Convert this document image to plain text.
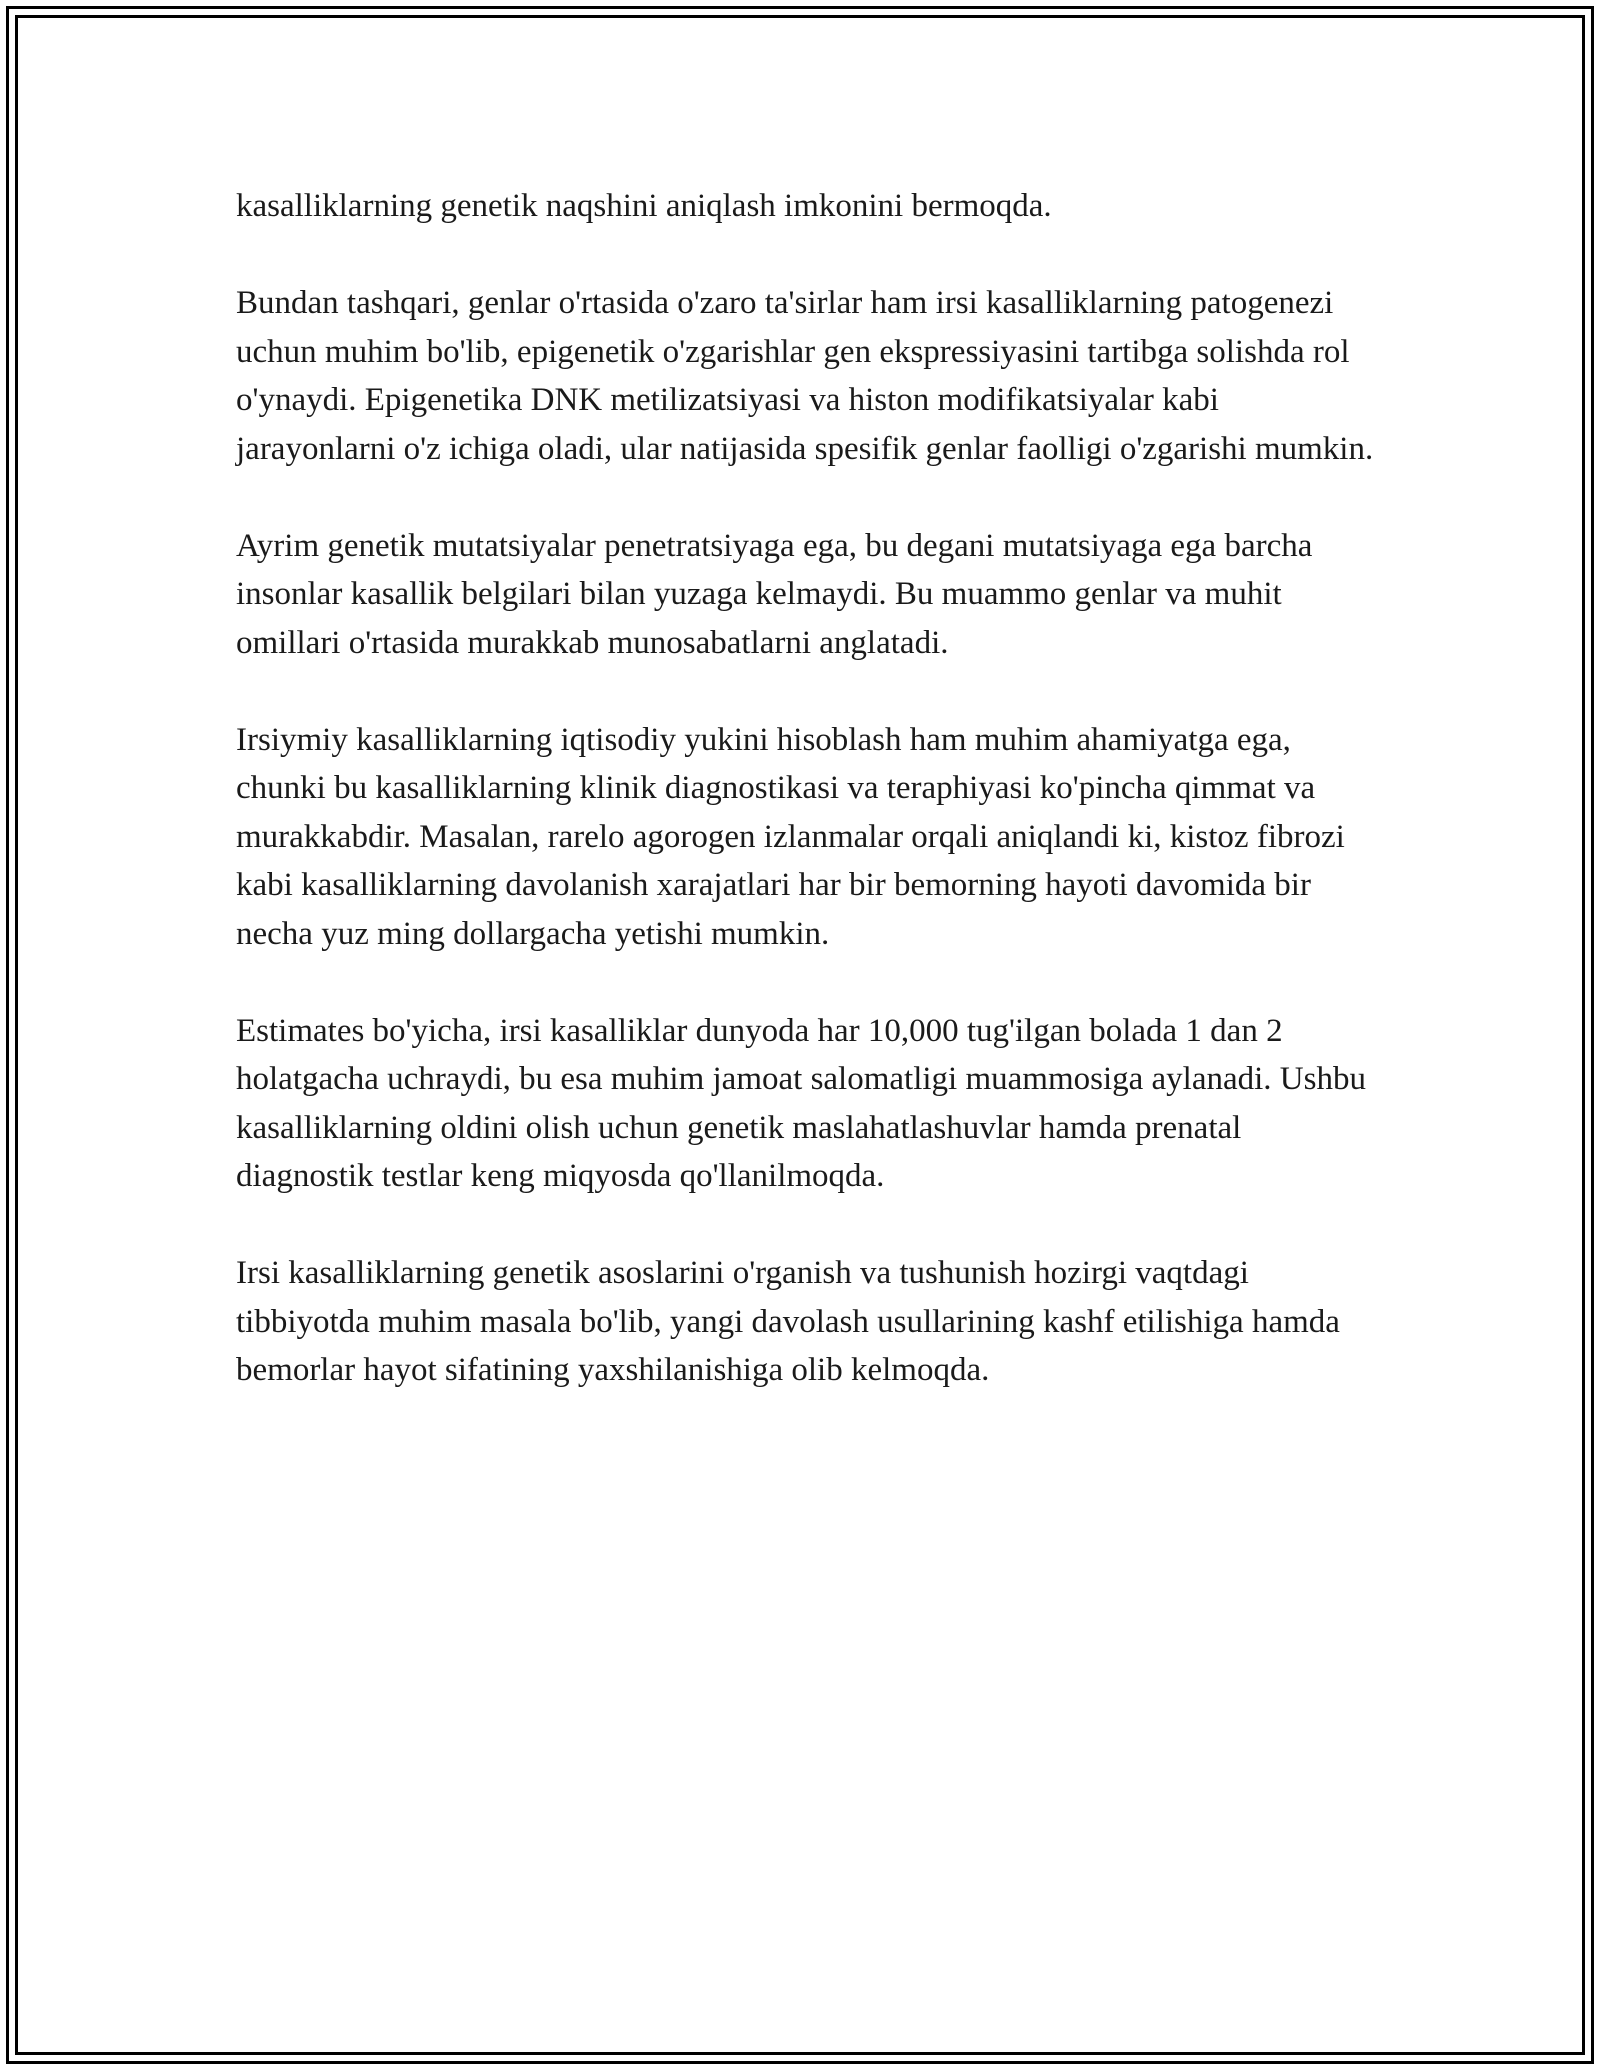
kasalliklarning genetik naqshini aniqlash imkonini bermoqda.

Bundan tashqari, genlar o'rtasida o'zaro ta'sirlar ham irsi kasalliklarning patogenezi uchun muhim bo'lib, epigenetik o'zgarishlar gen ekspressiyasini tartibga solishda rol o'ynaydi. Epigenetika DNK metilizatsiyasi va histon modifikatsiyalar kabi jarayonlarni o'z ichiga oladi, ular natijasida spesifik genlar faolligi o'zgarishi mumkin.

Ayrim genetik mutatsiyalar penetratsiyaga ega, bu degani mutatsiyaga ega barcha insonlar kasallik belgilari bilan yuzaga kelmaydi. Bu muammo genlar va muhit omillari o'rtasida murakkab munosabatlarni anglatadi.

Irsiymiy kasalliklarning iqtisodiy yukini hisoblash ham muhim ahamiyatga ega, chunki bu kasalliklarning klinik diagnostikasi va teraphiyasi ko'pincha qimmat va murakkabdir. Masalan, rarelo agorogen izlanmalar orqali aniqlandi ki, kistoz fibrozi kabi kasalliklarning davolanish xarajatlari har bir bemorning hayoti davomida bir necha yuz ming dollargacha yetishi mumkin.

Estimates bo'yicha, irsi kasalliklar dunyoda har 10,000 tug'ilgan bolada 1 dan 2 holatgacha uchraydi, bu esa muhim jamoat salomatligi muammosiga aylanadi. Ushbu kasalliklarning oldini olish uchun genetik maslahatlashuvlar hamda prenatal diagnostik testlar keng miqyosda qo'llanilmoqda.

Irsi kasalliklarning genetik asoslarini o'rganish va tushunish hozirgi vaqtdagi tibbiyotda muhim masala bo'lib, yangi davolash usullarining kashf etilishiga hamda bemorlar hayot sifatining yaxshilanishiga olib kelmoqda.
